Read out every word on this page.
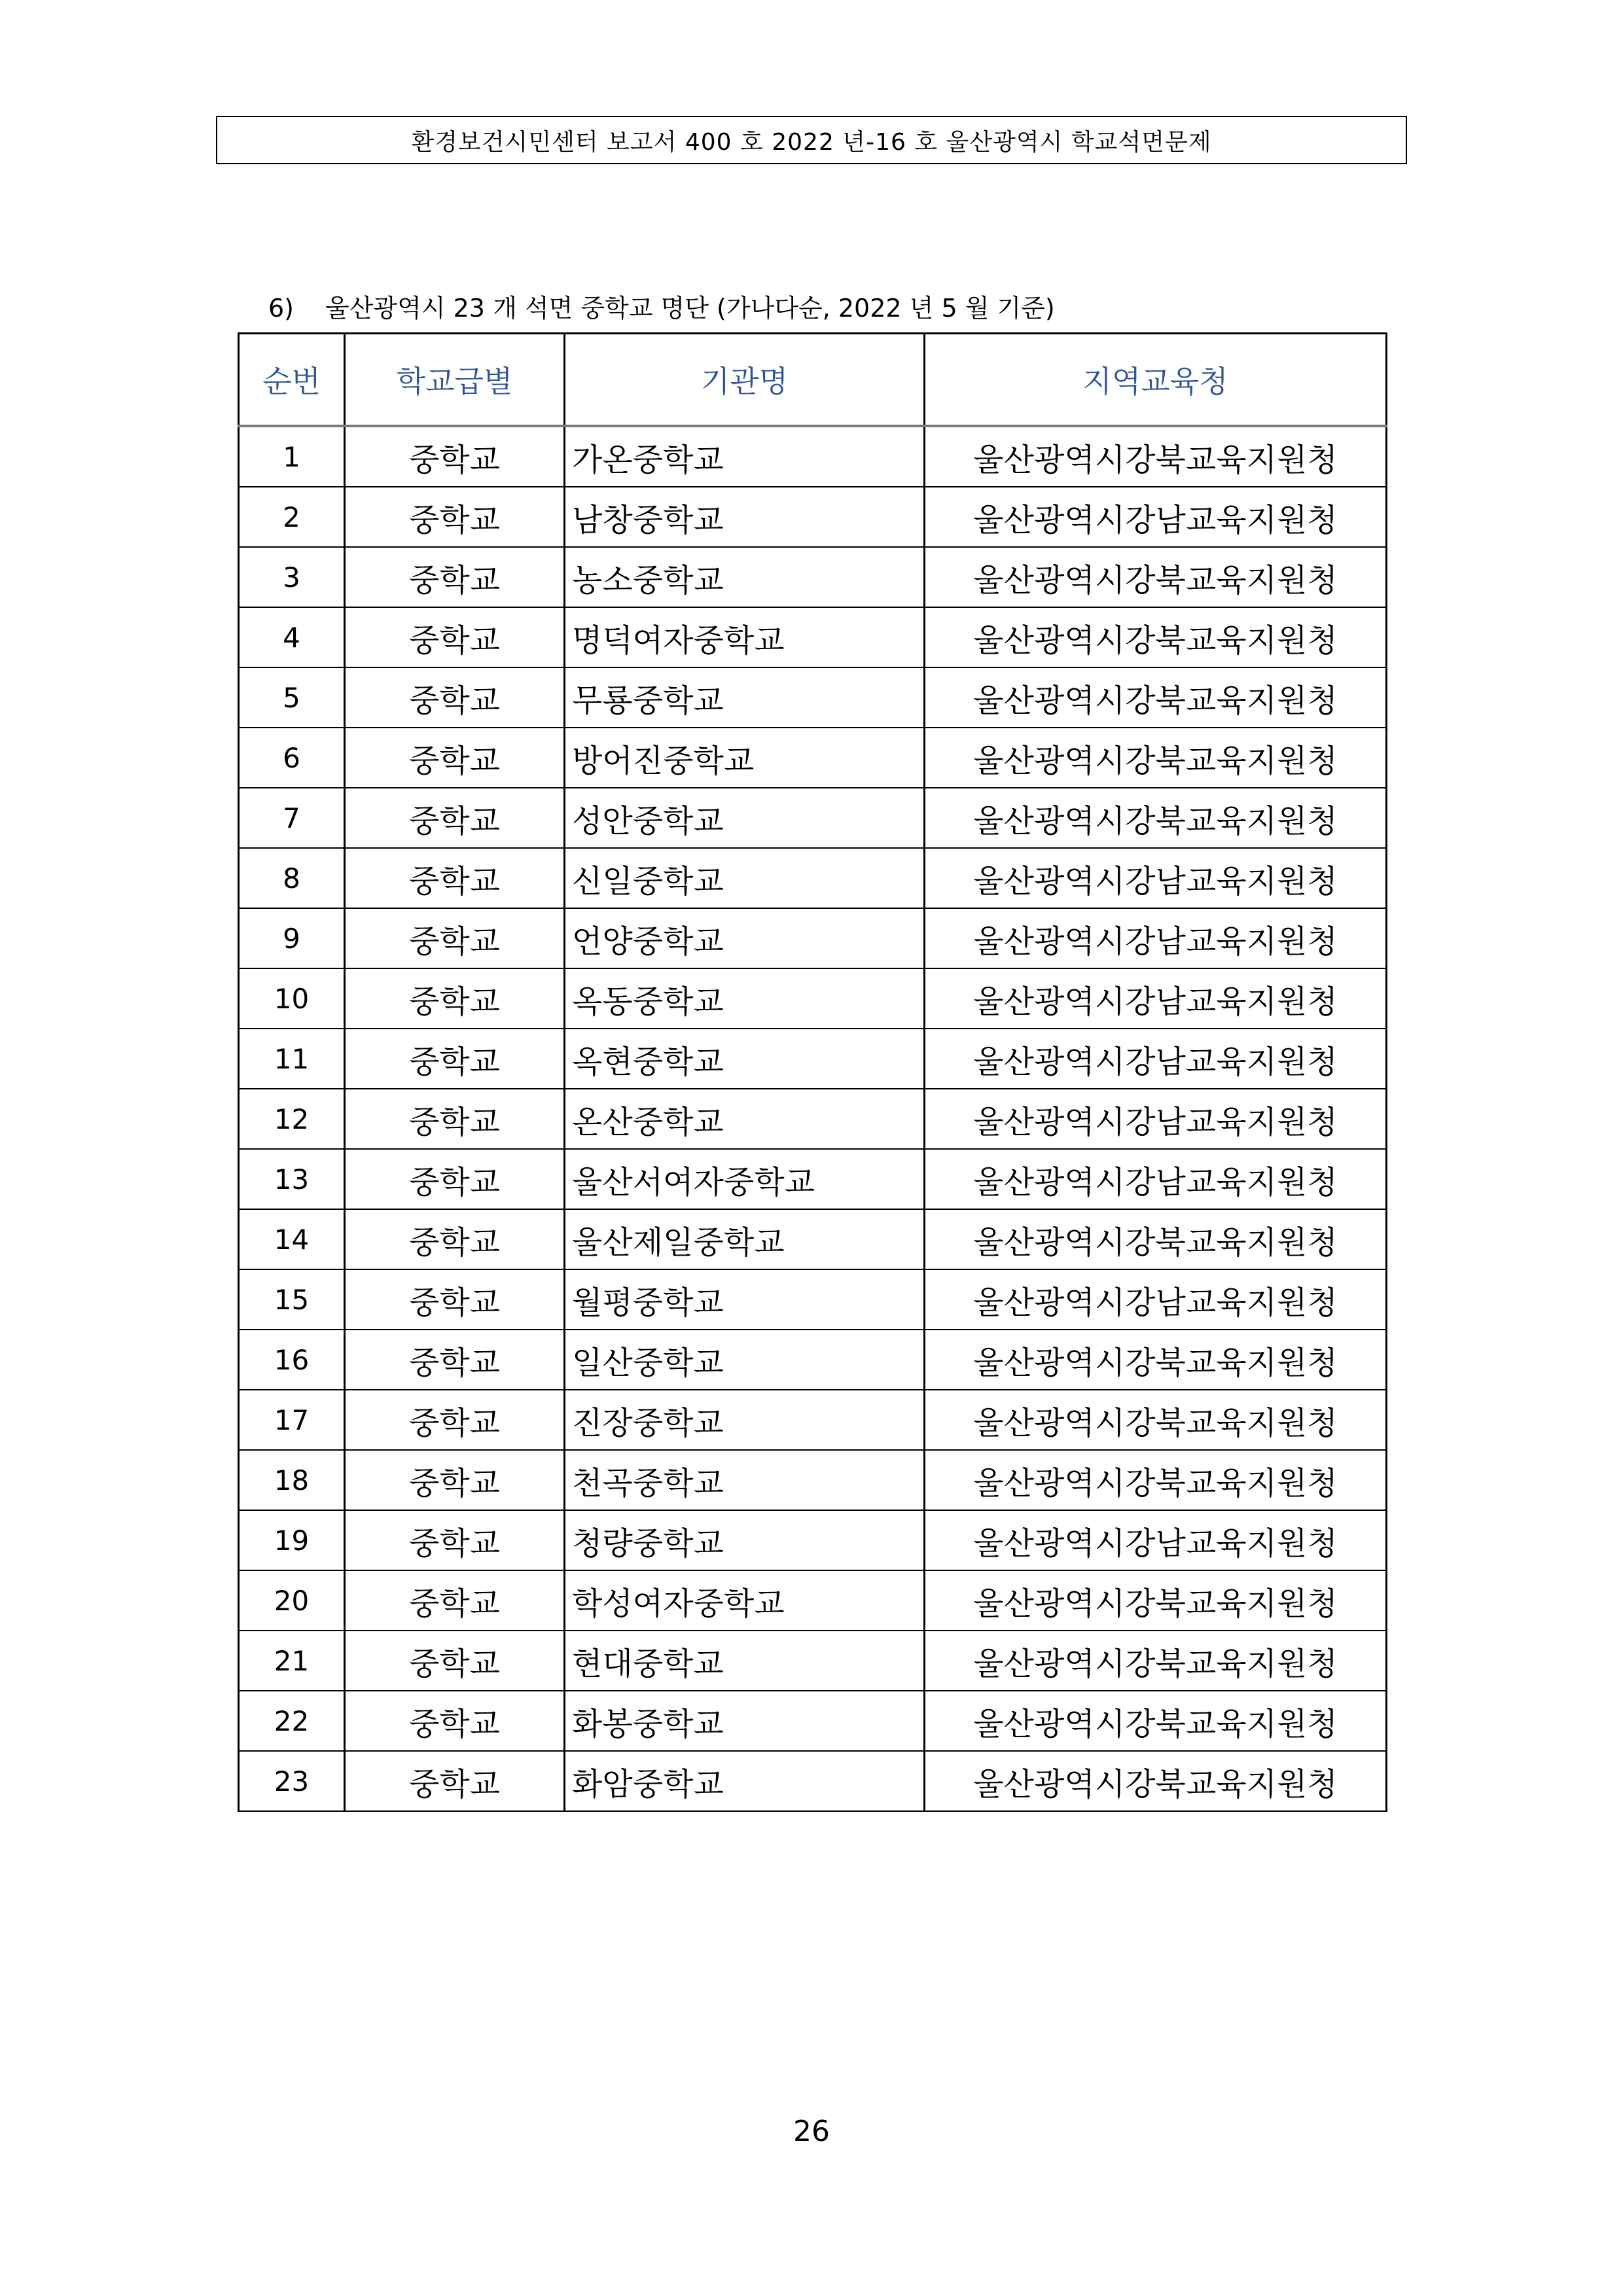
환경보건시민센터 보고서 400 호 2022 년-16 호 울산광역시 학교석면문제
6) 울산광역시 23 개 석면 중학교 명단 (가나다순, 2022 년 5 월 기준)
순번	학교급별	기관명	지역교육청
1	중학교	가온중학교	울산광역시강북교육지원청
2	중학교	남창중학교	울산광역시강남교육지원청
3	중학교	농소중학교	울산광역시강북교육지원청
4	중학교	명덕여자중학교	울산광역시강북교육지원청
5	중학교	무룡중학교	울산광역시강북교육지원청
6	중학교	방어진중학교	울산광역시강북교육지원청
7	중학교	성안중학교	울산광역시강북교육지원청
8	중학교	신일중학교	울산광역시강남교육지원청
9	중학교	언양중학교	울산광역시강남교육지원청
10	중학교	옥동중학교	울산광역시강남교육지원청
11	중학교	옥현중학교	울산광역시강남교육지원청
12	중학교	온산중학교	울산광역시강남교육지원청
13	중학교	울산서여자중학교	울산광역시강남교육지원청
14	중학교	울산제일중학교	울산광역시강북교육지원청
15	중학교	월평중학교	울산광역시강남교육지원청
16	중학교	일산중학교	울산광역시강북교육지원청
17	중학교	진장중학교	울산광역시강북교육지원청
18	중학교	천곡중학교	울산광역시강북교육지원청
19	중학교	청량중학교	울산광역시강남교육지원청
20	중학교	학성여자중학교	울산광역시강북교육지원청
21	중학교	현대중학교	울산광역시강북교육지원청
22	중학교	화봉중학교	울산광역시강북교육지원청
23	중학교	화암중학교	울산광역시강북교육지원청
26
